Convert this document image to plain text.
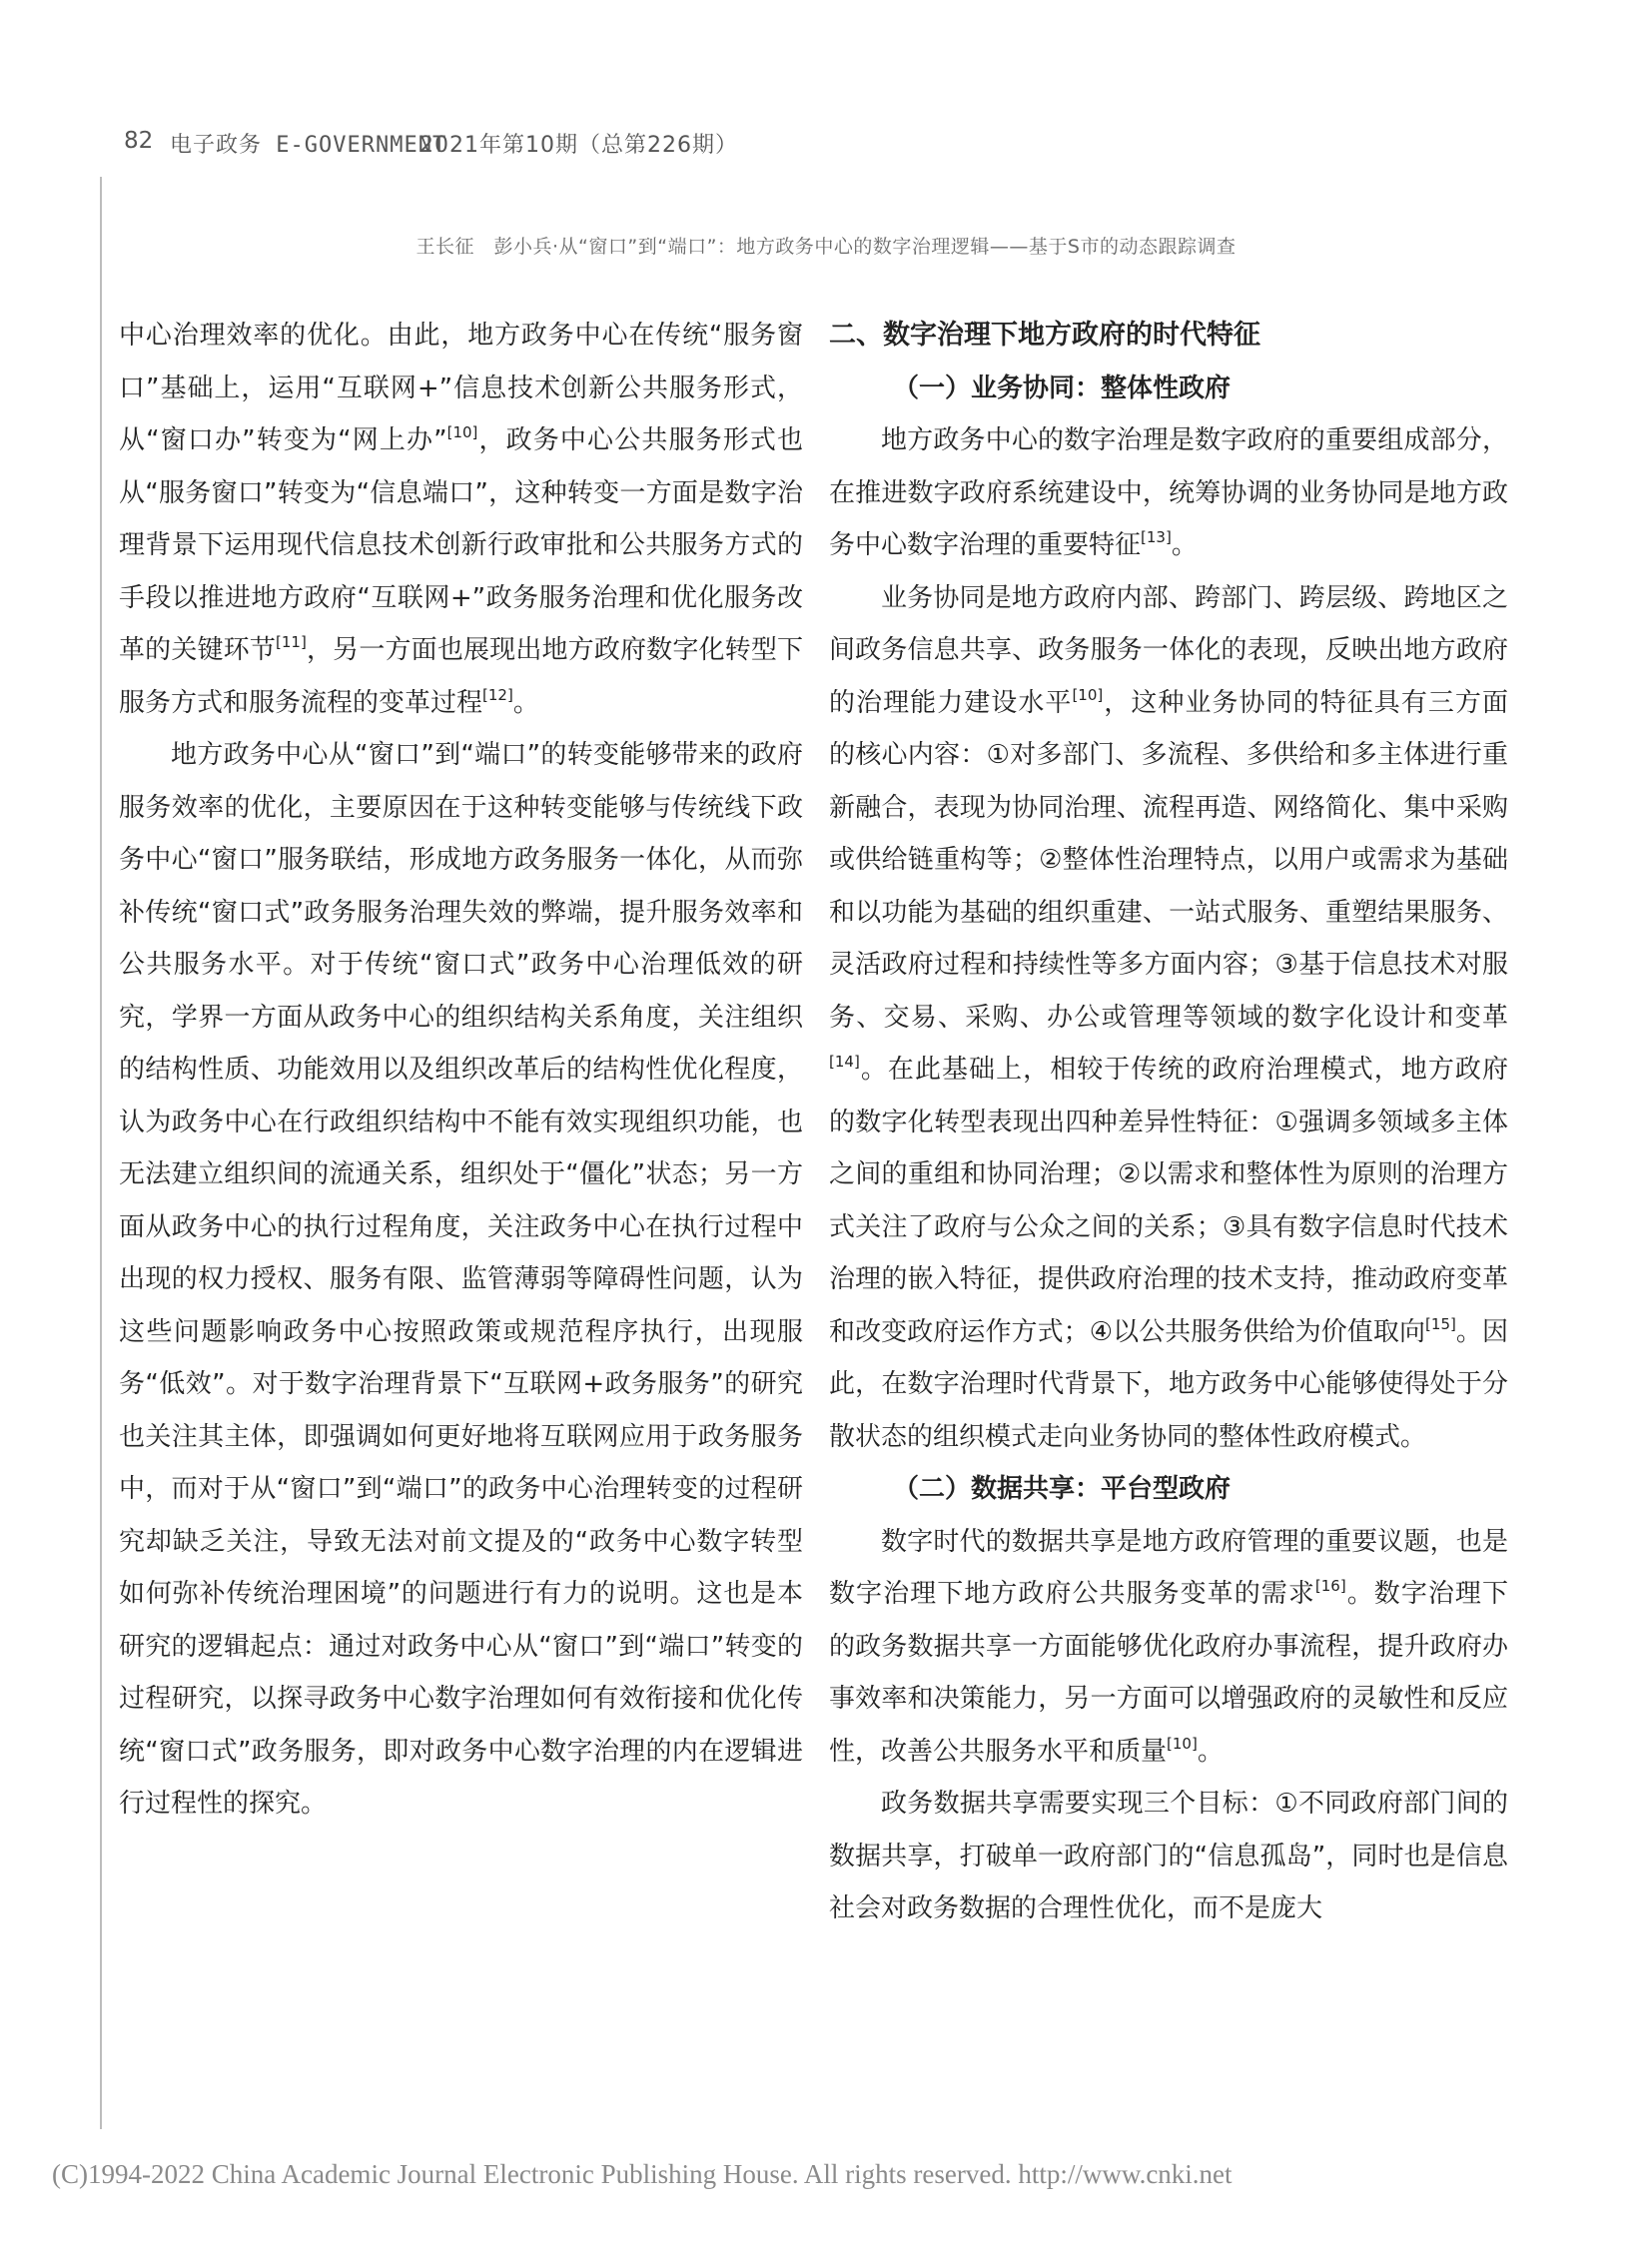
82 电子政务 E-GOVERNMENT
2021年第10期（总第226期）
王长征　彭小兵·从“窗口”到“端口”：地方政务中心的数字治理逻辑——基于S市的动态跟踪调查

中心治理效率的优化。由此，地方政务中心在传统“服务窗口”基础上，运用“互联网+”信息技术创新公共服务形式，从“窗口办”转变为“网上办”[10]，政务中心公共服务形式也从“服务窗口”转变为“信息端口”，这种转变一方面是数字治理背景下运用现代信息技术创新行政审批和公共服务方式的手段以推进地方政府“互联网+”政务服务治理和优化服务改革的关键环节[11]，另一方面也展现出地方政府数字化转型下服务方式和服务流程的变革过程[12]。

地方政务中心从“窗口”到“端口”的转变能够带来的政府服务效率的优化，主要原因在于这种转变能够与传统线下政务中心“窗口”服务联结，形成地方政务服务一体化，从而弥补传统“窗口式”政务服务治理失效的弊端，提升服务效率和公共服务水平。对于传统“窗口式”政务中心治理低效的研究，学界一方面从政务中心的组织结构关系角度，关注组织的结构性质、功能效用以及组织改革后的结构性优化程度，认为政务中心在行政组织结构中不能有效实现组织功能，也无法建立组织间的流通关系，组织处于“僵化”状态；另一方面从政务中心的执行过程角度，关注政务中心在执行过程中出现的权力授权、服务有限、监管薄弱等障碍性问题，认为这些问题影响政务中心按照政策或规范程序执行，出现服务“低效”。对于数字治理背景下“互联网+政务服务”的研究也关注其主体，即强调如何更好地将互联网应用于政务服务中，而对于从“窗口”到“端口”的政务中心治理转变的过程研究却缺乏关注，导致无法对前文提及的“政务中心数字转型如何弥补传统治理困境”的问题进行有力的说明。这也是本研究的逻辑起点：通过对政务中心从“窗口”到“端口”转变的过程研究，以探寻政务中心数字治理如何有效衔接和优化传统“窗口式”政务服务，即对政务中心数字治理的内在逻辑进行过程性的探究。

二、数字治理下地方政府的时代特征
（一）业务协同：整体性政府

地方政务中心的数字治理是数字政府的重要组成部分，在推进数字政府系统建设中，统筹协调的业务协同是地方政务中心数字治理的重要特征[13]。

业务协同是地方政府内部、跨部门、跨层级、跨地区之间政务信息共享、政务服务一体化的表现，反映出地方政府的治理能力建设水平[10]，这种业务协同的特征具有三方面的核心内容：①对多部门、多流程、多供给和多主体进行重新融合，表现为协同治理、流程再造、网络简化、集中采购或供给链重构等；②整体性治理特点，以用户或需求为基础和以功能为基础的组织重建、一站式服务、重塑结果服务、灵活政府过程和持续性等多方面内容；③基于信息技术对服务、交易、采购、办公或管理等领域的数字化设计和变革[14]。在此基础上，相较于传统的政府治理模式，地方政府的数字化转型表现出四种差异性特征：①强调多领域多主体之间的重组和协同治理；②以需求和整体性为原则的治理方式关注了政府与公众之间的关系；③具有数字信息时代技术治理的嵌入特征，提供政府治理的技术支持，推动政府变革和改变政府运作方式；④以公共服务供给为价值取向[15]。因此，在数字治理时代背景下，地方政务中心能够使得处于分散状态的组织模式走向业务协同的整体性政府模式。

（二）数据共享：平台型政府

数字时代的数据共享是地方政府管理的重要议题，也是数字治理下地方政府公共服务变革的需求[16]。数字治理下的政务数据共享一方面能够优化政府办事流程，提升政府办事效率和决策能力，另一方面可以增强政府的灵敏性和反应性，改善公共服务水平和质量[10]。

政务数据共享需要实现三个目标：①不同政府部门间的数据共享，打破单一政府部门的“信息孤岛”，同时也是信息社会对政务数据的合理性优化，而不是庞大

(C)1994-2022 China Academic Journal Electronic Publishing House. All rights reserved. http://www.cnki.net
